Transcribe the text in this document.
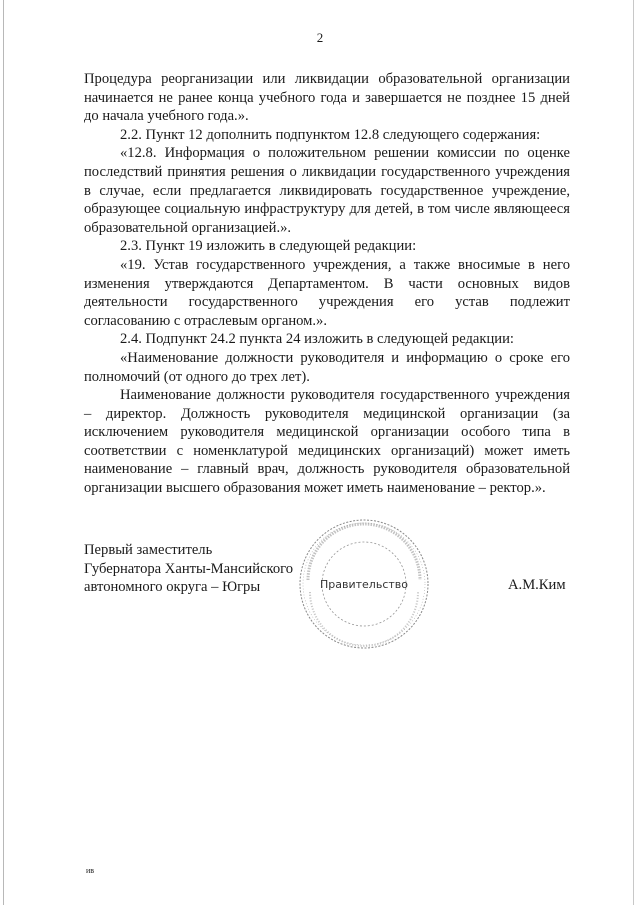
2

Процедура реорганизации или ликвидации образовательной организации начинается не ранее конца учебного года и завершается не позднее 15 дней до начала учебного года.».

2.2. Пункт 12 дополнить подпунктом 12.8 следующего содержания:

«12.8. Информация о положительном решении комиссии по оценке последствий принятия решения о ликвидации государственного учреждения в случае, если предлагается ликвидировать государственное учреждение, образующее социальную инфраструктуру для детей, в том числе являющееся образовательной организацией.».

2.3. Пункт 19 изложить в следующей редакции:

«19. Устав государственного учреждения, а также вносимые в него изменения утверждаются Департаментом. В части основных видов деятельности государственного учреждения его устав подлежит согласованию с отраслевым органом.».

2.4. Подпункт 24.2 пункта 24 изложить в следующей редакции:

«Наименование должности руководителя и информацию о сроке его полномочий (от одного до трех лет).

Наименование должности руководителя государственного учреждения – директор. Должность руководителя медицинской организации (за исключением руководителя медицинской организации особого типа в соответствии с номенклатурой медицинских организаций) может иметь наименование – главный врач, должность руководителя образовательной организации высшего образования может иметь наименование – ректор.».

Первый заместитель
Губернатора Ханты-Мансийского
автономного округа – Югры	Правительство	А.М.Ким
ив
